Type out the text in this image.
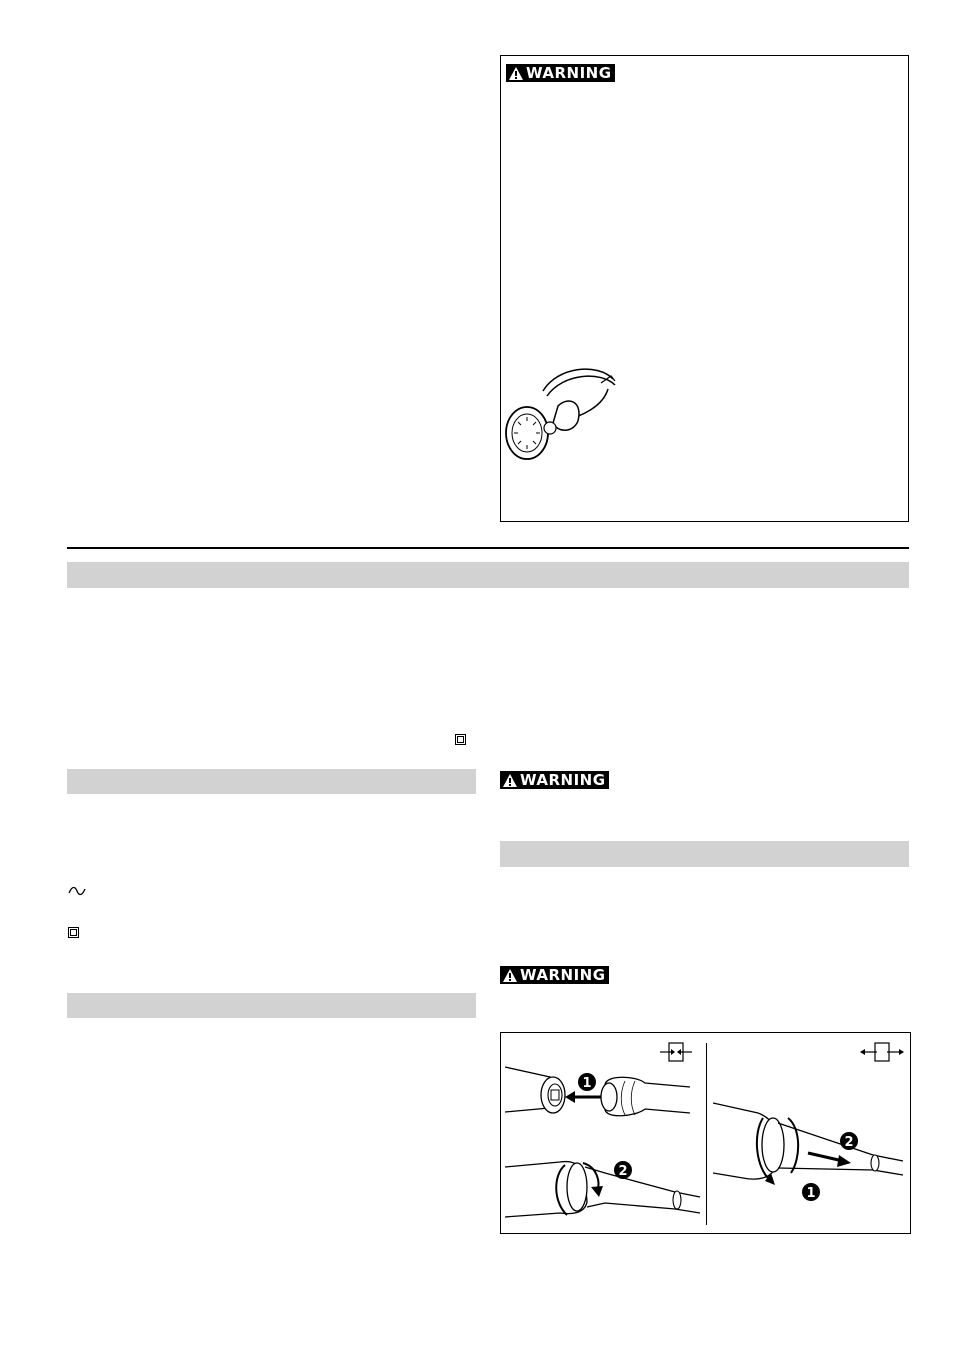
WARNING
WARNING
WARNING
1
2
2
1
